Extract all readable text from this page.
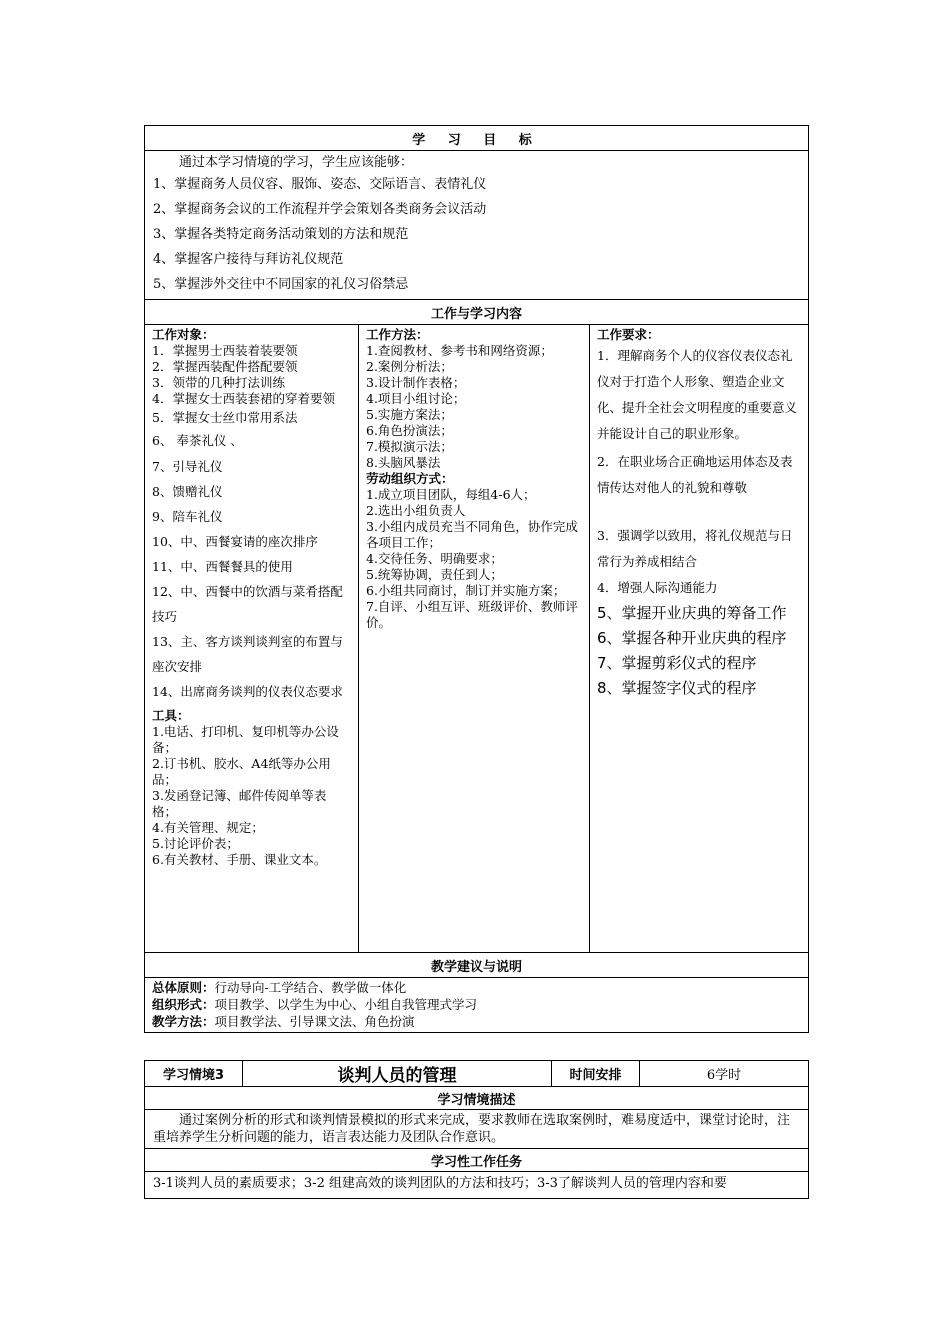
学 习 目 标

通过本学习情境的学习，学生应该能够：
1、掌握商务人员仪容、服饰、姿态、交际语言、表情礼仪
2、掌握商务会议的工作流程并学会策划各类商务会议活动
3、掌握各类特定商务活动策划的方法和规范
4、掌握客户接待与拜访礼仪规范
5、掌握涉外交往中不同国家的礼仪习俗禁忌

工作与学习内容

工作对象：
1．掌握男士西装着装要领
2．掌握西装配件搭配要领
3．领带的几种打法训练
4．掌握女士西装套裙的穿着要领
5．掌握女士丝巾常用系法
6、 奉茶礼仪 、
7、引导礼仪
8、馈赠礼仪
9、陪车礼仪
10、中、西餐宴请的座次排序
11、中、西餐餐具的使用
12、中、西餐中的饮酒与菜肴搭配技巧
13、主、客方谈判谈判室的布置与座次安排
14、出席商务谈判的仪表仪态要求
工具：
1.电话、打印机、复印机等办公设备；
2.订书机、胶水、A4纸等办公用品；
3.发函登记簿、邮件传阅单等表格；
4.有关管理、规定；
5.讨论评价表；
6.有关教材、手册、课业文本。

工作方法：
1.查阅教材、参考书和网络资源；
2.案例分析法；
3.设计制作表格；
4.项目小组讨论；
5.实施方案法；
6.角色扮演法；
7.模拟演示法；
8.头脑风暴法
劳动组织方式：
1.成立项目团队，每组4-6人；
2.选出小组负责人
3.小组内成员充当不同角色，协作完成各项目工作；
4.交待任务、明确要求；
5.统筹协调，责任到人；
6.小组共同商讨，制订并实施方案；
7.自评、小组互评、班级评价、教师评价。

工作要求：
1．理解商务个人的仪容仪表仪态礼仪对于打造个人形象、塑造企业文化、提升全社会文明程度的重要意义并能设计自己的职业形象。
2．在职业场合正确地运用体态及表情传达对他人的礼貌和尊敬
3．强调学以致用，将礼仪规范与日常行为养成相结合
4．增强人际沟通能力
5、掌握开业庆典的筹备工作
6、掌握各种开业庆典的程序
7、掌握剪彩仪式的程序
8、掌握签字仪式的程序

教学建议与说明

总体原则：行动导向-工学结合、教学做一体化
组织形式：项目教学、以学生为中心、小组自我管理式学习
教学方法：项目教学法、引导课文法、角色扮演
学习情境3	谈判人员的管理	时间安排	6学时
学习情境描述
通过案例分析的形式和谈判情景模拟的形式来完成，要求教师在选取案例时，难易度适中，课堂讨论时，注重培养学生分析问题的能力，语言表达能力及团队合作意识。
学习性工作任务
3-1谈判人员的素质要求；3-2 组建高效的谈判团队的方法和技巧；3-3了解谈判人员的管理内容和要
